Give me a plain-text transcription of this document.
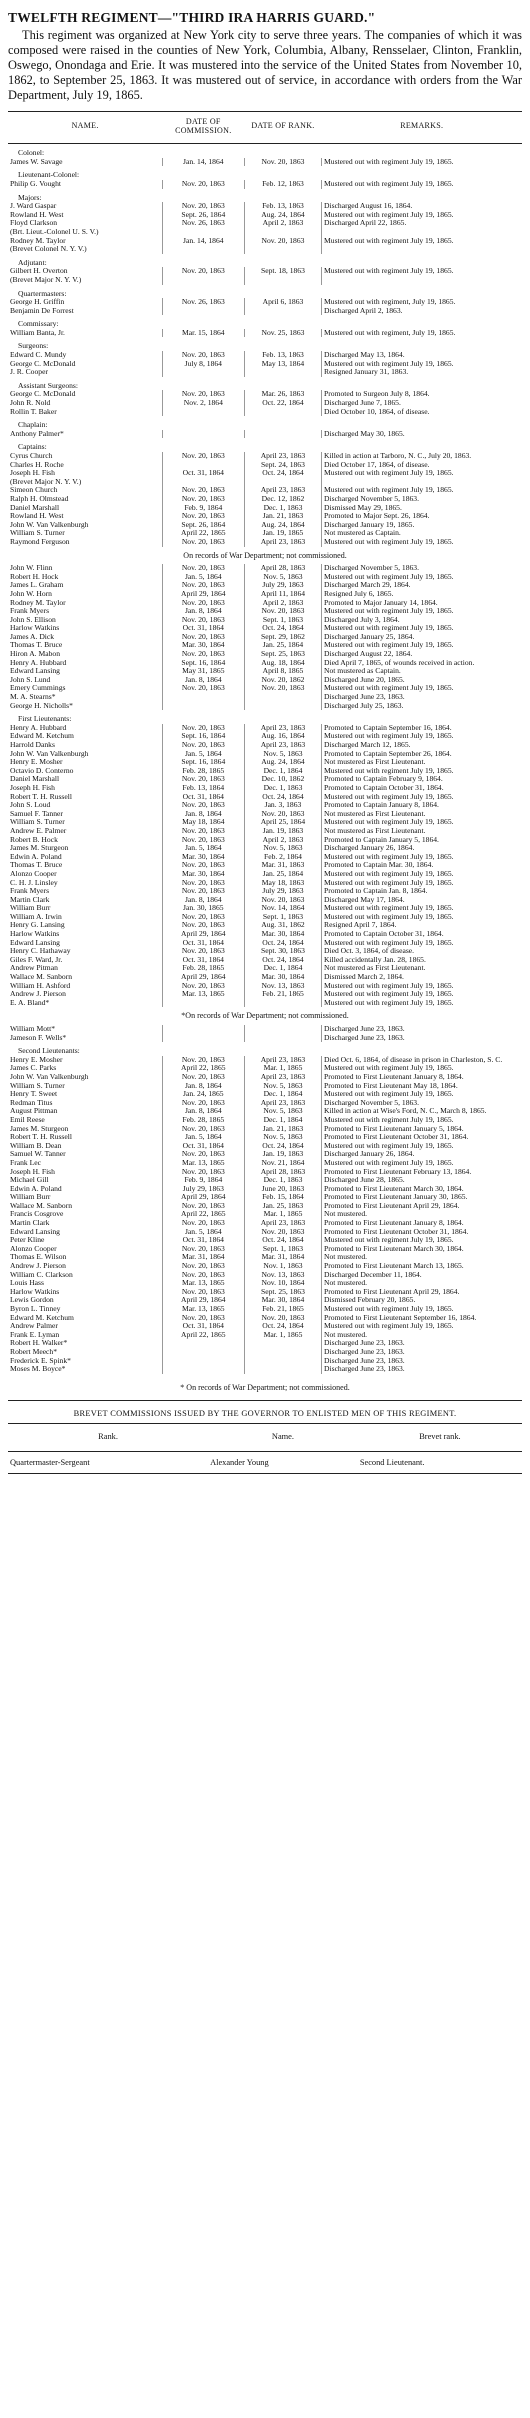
TWELFTH REGIMENT—"THIRD IRA HARRIS GUARD."

This regiment was organized at New York city to serve three years. The companies of which it was composed were raised in the counties of New York, Columbia, Albany, Rensselaer, Clinton, Franklin, Oswego, Onondaga and Erie. It was mustered into the service of the United States from November 10, 1862, to September 25, 1863. It was mustered out of service, in accordance with orders from the War Department, July 19, 1865.

NAME.	DATE OF COMMISSION.	DATE OF RANK.	REMARKS.
Colonel:			
James W. Savage	Jan. 14, 1864	Nov. 20, 1863	Mustered out with regiment July 19, 1865.
Lieutenant-Colonel:			
Philip G. Vought	Nov. 20, 1863	Feb. 12, 1863	Mustered out with regiment July 19, 1865.
Majors:			
J. Ward Gaspar	Nov. 20, 1863	Feb. 13, 1863	Discharged August 16, 1864.
Rowland H. West	Sept. 26, 1864	Aug. 24, 1864	Mustered out with regiment July 19, 1865.
Floyd Clarkson	Nov. 26, 1863	April 2, 1863	Discharged April 22, 1865.
(Brt. Lieut.-Colonel U. S. V.)			
Rodney M. Taylor	Jan. 14, 1864	Nov. 20, 1863	Mustered out with regiment July 19, 1865.
(Brevet Colonel N. Y. V.)			
Adjutant:			
Gilbert H. Overton	Nov. 20, 1863	Sept. 18, 1863	Mustered out with regiment July 19, 1865.
(Brevet Major N. Y. V.)			
Quartermasters:			
George H. Griffin	Nov. 26, 1863	April 6, 1863	Mustered out with regiment, July 19, 1865.
Benjamin De Forrest			Discharged April 2, 1863.
Commissary:			
William Banta, Jr.	Mar. 15, 1864	Nov. 25, 1863	Mustered out with regiment, July 19, 1865.
Surgeons:			
Edward C. Mundy	Nov. 20, 1863	Feb. 13, 1863	Discharged May 13, 1864.
George C. McDonald	July 8, 1864	May 13, 1864	Mustered out with regiment July 19, 1865.
J. R. Cooper			Resigned January 31, 1863.
Assistant Surgeons:			
George C. McDonald	Nov. 20, 1863	Mar. 26, 1863	Promoted to Surgeon July 8, 1864.
John R. Nold	Nov. 2, 1864	Oct. 22, 1864	Discharged June 7, 1865.
Rollin T. Baker			Died October 10, 1864, of disease.
Chaplain:			
Anthony Palmer*			Discharged May 30, 1865.
Captains:			
Cyrus Church	Nov. 20, 1863	April 23, 1863	Killed in action at Tarboro, N. C., July 20, 1863.
Charles H. Roche		Sept. 24, 1863	Died October 17, 1864, of disease.
Joseph H. Fish	Oct. 31, 1864	Oct. 24, 1864	Mustered out with regiment July 19, 1865.
(Brevet Major N. Y. V.)			
Simeon Church	Nov. 20, 1863	April 23, 1863	Mustered out with regiment July 19, 1865.
Ralph H. Olmstead	Nov. 20, 1863	Dec. 12, 1862	Discharged November 5, 1863.
Daniel Marshall	Feb. 9, 1864	Dec. 1, 1863	Dismissed May 29, 1865.
Rowland H. West	Nov. 20, 1863	Jan. 21, 1863	Promoted to Major Sept. 26, 1864.
John W. Van Valkenburgh	Sept. 26, 1864	Aug. 24, 1864	Discharged January 19, 1865.
William S. Turner	April 22, 1865	Jan. 19, 1865	Not mustered as Captain.
Raymond Ferguson	Nov. 20, 1863	April 23, 1863	Mustered out with regiment July 19, 1865.
On records of War Department; not commissioned.			
John W. Flinn	Nov. 20, 1863	April 28, 1863	Discharged November 5, 1863.
Robert H. Hock	Jan. 5, 1864	Nov. 5, 1863	Mustered out with regiment July 19, 1865.
James L. Graham	Nov. 20, 1863	July 29, 1863	Discharged March 29, 1864.
John W. Horn	April 29, 1864	April 11, 1864	Resigned July 6, 1865.
Rodney M. Taylor	Nov. 20, 1863	April 2, 1863	Promoted to Major January 14, 1864.
Frank Myers	Jan. 8, 1864	Nov. 20, 1863	Mustered out with regiment July 19, 1865.
John S. Ellison	Nov. 20, 1863	Sept. 1, 1863	Discharged July 3, 1864.
Harlow Watkins	Oct. 31, 1864	Oct. 24, 1864	Mustered out with regiment July 19, 1865.
James A. Dick	Nov. 20, 1863	Sept. 29, 1862	Discharged January 25, 1864.
Thomas T. Bruce	Mar. 30, 1864	Jan. 25, 1864	Mustered out with regiment July 19, 1865.
Hiron A. Mabon	Nov. 20, 1863	Sept. 25, 1863	Discharged August 22, 1864.
Henry A. Hubbard	Sept. 16, 1864	Aug. 18, 1864	Died April 7, 1865, of wounds received in action.
Edward Lansing	May 31, 1865	April 8, 1865	Not mustered as Captain.
John S. Lund	Jan. 8, 1864	Nov. 20, 1862	Discharged June 20, 1865.
Emery Cummings	Nov. 20, 1863	Nov. 20, 1863	Mustered out with regiment July 19, 1865.
M. A. Stearns*			Discharged June 23, 1863.
George H. Nicholls*			Discharged July 25, 1863.
First Lieutenants:			
Henry A. Hubbard	Nov. 20, 1863	April 23, 1863	Promoted to Captain September 16, 1864.
Edward M. Ketchum	Sept. 16, 1864	Aug. 16, 1864	Mustered out with regiment July 19, 1865.
Harrold Danks	Nov. 20, 1863	April 23, 1863	Discharged March 12, 1865.
John W. Van Valkenburgh	Jan. 5, 1864	Nov. 5, 1863	Promoted to Captain September 26, 1864.
Henry E. Mosher	Sept. 16, 1864	Aug. 24, 1864	Not mustered as First Lieutenant.
Octavio D. Conterno	Feb. 28, 1865	Dec. 1, 1864	Mustered out with regiment July 19, 1865.
Daniel Marshall	Nov. 20, 1863	Dec. 10, 1862	Promoted to Captain February 9, 1864.
Joseph H. Fish	Feb. 13, 1864	Dec. 1, 1863	Promoted to Captain October 31, 1864.
Robert T. H. Russell	Oct. 31, 1864	Oct. 24, 1864	Mustered out with regiment July 19, 1865.
John S. Loud	Nov. 20, 1863	Jan. 3, 1863	Promoted to Captain January 8, 1864.
Samuel F. Tanner	Jan. 8, 1864	Nov. 20, 1863	Not mustered as First Lieutenant.
William S. Turner	May 18, 1864	April 25, 1864	Mustered out with regiment July 19, 1865.
Andrew E. Palmer	Nov. 20, 1863	Jan. 19, 1863	Not mustered as First Lieutenant.
Robert B. Hock	Nov. 20, 1863	April 2, 1863	Promoted to Captain January 5, 1864.
James M. Sturgeon	Jan. 5, 1864	Nov. 5, 1863	Discharged January 26, 1864.
Edwin A. Poland	Mar. 30, 1864	Feb. 2, 1864	Mustered out with regiment July 19, 1865.
Thomas T. Bruce	Nov. 20, 1863	Mar. 31, 1863	Promoted to Captain Mar. 30, 1864.
Alonzo Cooper	Mar. 30, 1864	Jan. 25, 1864	Mustered out with regiment July 19, 1865.
C. H. J. Linsley	Nov. 20, 1863	May 18, 1863	Mustered out with regiment July 19, 1865.
Frank Myers	Nov. 20, 1863	July 29, 1863	Promoted to Captain Jan. 8, 1864.
Martin Clark	Jan. 8, 1864	Nov. 20, 1863	Discharged May 17, 1864.
William Burr	Jan. 30, 1865	Nov. 14, 1864	Mustered out with regiment July 19, 1865.
William A. Irwin	Nov. 20, 1863	Sept. 1, 1863	Mustered out with regiment July 19, 1865.
Henry G. Lansing	Nov. 20, 1863	Aug. 31, 1862	Resigned April 7, 1864.
Harlow Watkins	April 29, 1864	Mar. 30, 1864	Promoted to Captain October 31, 1864.
Edward Lansing	Oct. 31, 1864	Oct. 24, 1864	Mustered out with regiment July 19, 1865.
Henry C. Hathaway	Nov. 20, 1863	Sept. 30, 1863	Died Oct. 3, 1864, of disease.
Giles F. Ward, Jr.	Oct. 31, 1864	Oct. 24, 1864	Killed accidentally Jan. 28, 1865.
Andrew Pitman	Feb. 28, 1865	Dec. 1, 1864	Not mustered as First Lieutenant.
Wallace M. Sanborn	April 29, 1864	Mar. 30, 1864	Dismissed March 2, 1864.
William H. Ashford	Nov. 20, 1863	Nov. 13, 1863	Mustered out with regiment July 19, 1865.
Andrew J. Pierson	Mar. 13, 1865	Feb. 21, 1865	Mustered out with regiment July 19, 1865.
E. A. Bland*			Mustered out with regiment July 19, 1865.
*On records of War Department; not commissioned.			
William Mott*			Discharged June 23, 1863.
Jameson F. Wells*			Discharged June 23, 1863.
Second Lieutenants:			
Henry E. Mosher	Nov. 20, 1863	April 23, 1863	Died Oct. 6, 1864, of disease in prison in Charleston, S. C.
James C. Parks	April 22, 1865	Mar. 1, 1865	Mustered out with regiment July 19, 1865.
John W. Van Valkenburgh	Nov. 20, 1863	April 23, 1863	Promoted to First Lieutenant January 8, 1864.
William S. Turner	Jan. 8, 1864	Nov. 5, 1863	Promoted to First Lieutenant May 18, 1864.
Henry T. Sweet	Jan. 24, 1865	Dec. 1, 1864	Mustered out with regiment July 19, 1865.
Redman Titus	Nov. 20, 1863	April 23, 1863	Discharged November 5, 1863.
August Pittman	Jan. 8, 1864	Nov. 5, 1863	Killed in action at Wise's Ford, N. C., March 8, 1865.
Emil Reese	Feb. 28, 1865	Dec. 1, 1864	Mustered out with regiment July 19, 1865.
James M. Sturgeon	Nov. 20, 1863	Jan. 21, 1863	Promoted to First Lieutenant January 5, 1864.
Robert T. H. Russell	Jan. 5, 1864	Nov. 5, 1863	Promoted to First Lieutenant October 31, 1864.
William B. Dean	Oct. 31, 1864	Oct. 24, 1864	Mustered out with regiment July 19, 1865.
Samuel W. Tanner	Nov. 20, 1863	Jan. 19, 1863	Discharged January 26, 1864.
Frank Lec	Mar. 13, 1865	Nov. 21, 1864	Mustered out with regiment July 19, 1865.
Joseph H. Fish	Nov. 20, 1863	April 28, 1863	Promoted to First Lieutenant February 13, 1864.
Michael Gill	Feb. 9, 1864	Dec. 1, 1863	Discharged June 28, 1865.
Edwin A. Poland	July 29, 1863	June 20, 1863	Promoted to First Lieutenant March 30, 1864.
William Burr	April 29, 1864	Feb. 15, 1864	Promoted to First Lieutenant January 30, 1865.
Wallace M. Sanborn	Nov. 20, 1863	Jan. 25, 1863	Promoted to First Lieutenant April 29, 1864.
Francis Cosgrove	April 22, 1865	Mar. 1, 1865	Not mustered.
Martin Clark	Nov. 20, 1863	April 23, 1863	Promoted to First Lieutenant January 8, 1864.
Edward Lansing	Jan. 5, 1864	Nov. 20, 1863	Promoted to First Lieutenant October 31, 1864.
Peter Kline	Oct. 31, 1864	Oct. 24, 1864	Mustered out with regiment July 19, 1865.
Alonzo Cooper	Nov. 20, 1863	Sept. 1, 1863	Promoted to First Lieutenant March 30, 1864.
Thomas E. Wilson	Mar. 31, 1864	Mar. 31, 1864	Not mustered.
Andrew J. Pierson	Nov. 20, 1863	Nov. 1, 1863	Promoted to First Lieutenant March 13, 1865.
William C. Clarkson	Nov. 20, 1863	Nov. 13, 1863	Discharged December 11, 1864.
Louis Hass	Mar. 13, 1865	Nov. 10, 1864	Not mustered.
Harlow Watkins	Nov. 20, 1863	Sept. 25, 1863	Promoted to First Lieutenant April 29, 1864.
Lewis Gordon	April 29, 1864	Mar. 30, 1864	Dismissed February 20, 1865.
Byron L. Tinney	Mar. 13, 1865	Feb. 21, 1865	Mustered out with regiment July 19, 1865.
Edward M. Ketchum	Nov. 20, 1863	Nov. 20, 1863	Promoted to First Lieutenant September 16, 1864.
Andrew Palmer	Oct. 31, 1864	Oct. 24, 1864	Mustered out with regiment July 19, 1865.
Frank E. Lyman	April 22, 1865	Mar. 1, 1865	Not mustered.
Robert H. Walker*			Discharged June 23, 1863.
Robert Meech*			Discharged June 23, 1863.
Frederick E. Spink*			Discharged June 23, 1863.
Moses M. Boyce*			Discharged June 23, 1863.
* On records of War Department; not commissioned.			
BREVET COMMISSIONS ISSUED BY THE GOVERNOR TO ENLISTED MEN OF THIS REGIMENT.
Rank.	Name.	Brevet rank.
Quartermaster-Sergeant	Alexander Young	Second Lieutenant.
